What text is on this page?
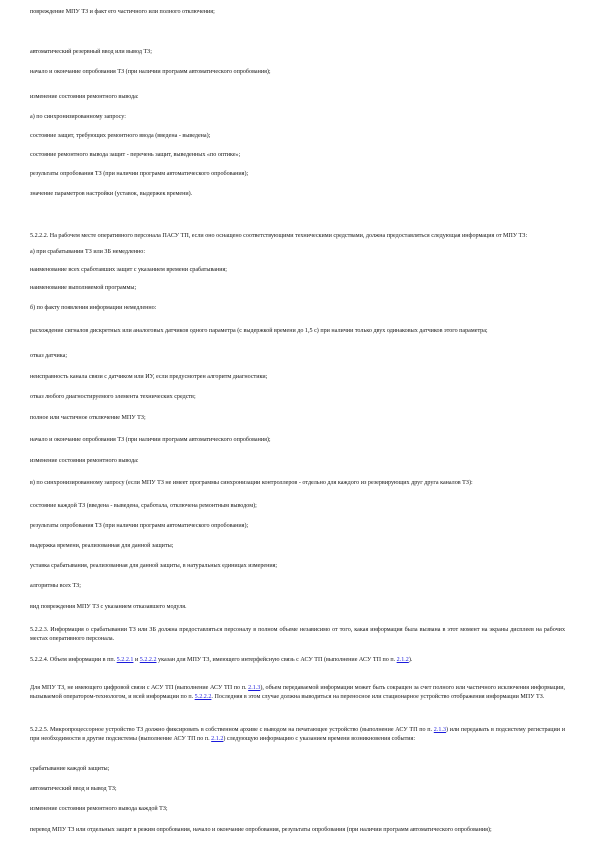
повреждение МПУ ТЗ и факт его частичного или полного отключения;

автоматический резервный ввод или вывод ТЗ;

начало и окончание опробования ТЗ (при наличии программ автоматического опробования);

изменение состояния ремонтного вывода:

а) по синхронизированному запросу:

состояние защит, требующих ремонтного ввода (введена - выведена);

состояние ремонтного вывода защит - перечень защит, выведенных «по оптике»;

результаты опробования ТЗ (при наличии программ автоматического опробования);

значение параметров настройки (уставок, выдержек времени).

5.2.2.2. На рабочем месте оперативного персонала ПАСУ ТП, если оно оснащено соответствующими техническими средствами, должна предоставляться следующая информация от МПУ ТЗ:

а) при срабатывании ТЗ или ЗБ немедленно:

наименование всех сработавших защит с указанием времени срабатывания;

наименование выполняемой программы;

б) по факту появления информации немедленно:

расхождение сигналов дискретных или аналоговых датчиков одного параметра (с выдержкой времени до 1,5 с) при наличии только двух одинаковых датчиков этого параметра;

отказ датчика;

неисправность канала связи с датчиком или ИУ, если предусмотрен алгоритм диагностики;

отказ любого диагностируемого элемента технических средств;

полное или частичное отключение МПУ ТЗ;

начало и окончание опробования ТЗ (при наличии программ автоматического опробования);

изменение состояния ремонтного вывода:

в) по синхронизированному запросу (если МПУ ТЗ не имеет программы синхронизации контроллеров - отдельно для каждого из резервирующих друг друга каналов ТЗ):

состояние каждой ТЗ (введена - выведена, сработала, отключена ремонтным выводом);

результаты опробования ТЗ (при наличии программ автоматического опробования);

выдержка времени, реализованная для данной защиты;

уставка срабатывания, реализованная для данной защиты, в натуральных единицах измерения;

алгоритмы всех ТЗ;

вид повреждения МПУ ТЗ с указанием отказавшего модуля.

5.2.2.3. Информация о срабатывании ТЗ или ЗБ должна предоставляться персоналу в полном объеме независимо от того, какая информация была вызвана в этот момент на экраны дисплеев на рабочих местах оперативного персонала.

5.2.2.4. Объем информации в пп. 5.2.2.1 и 5.2.2.2 указан для МПУ ТЗ, имеющего интерфейсную связь с АСУ ТП (выполнение АСУ ТП по п. 2.1.2).

Для МПУ ТЗ, не имеющего цифровой связи с АСУ ТП (выполнение АСУ ТП по п. 2.1.3), объем передаваемой информации может быть сокращен за счет полного или частичного исключения информации, вызываемой оператором-технологом, и всей информации по п. 5.2.2.2. Последняя в этом случае должна выводиться на переносное или стационарное устройство отображения информации МПУ ТЗ.

5.2.2.5. Микропроцессорное устройство ТЗ должно фиксировать в собственном архиве с выводом на печатающее устройство (выполнение АСУ ТП по п. 2.1.3) или передавать в подсистему регистрации и при необходимости в другие подсистемы (выполнение АСУ ТП по п. 2.1.2) следующую информацию с указанием времени возникновения события:

срабатывание каждой защиты;

автоматический ввод и вывод ТЗ;

изменение состояния ремонтного вывода каждой ТЗ;

перевод МПУ ТЗ или отдельных защит в режим опробования, начало и окончание опробования, результаты опробования (при наличии программ автоматического опробования);
